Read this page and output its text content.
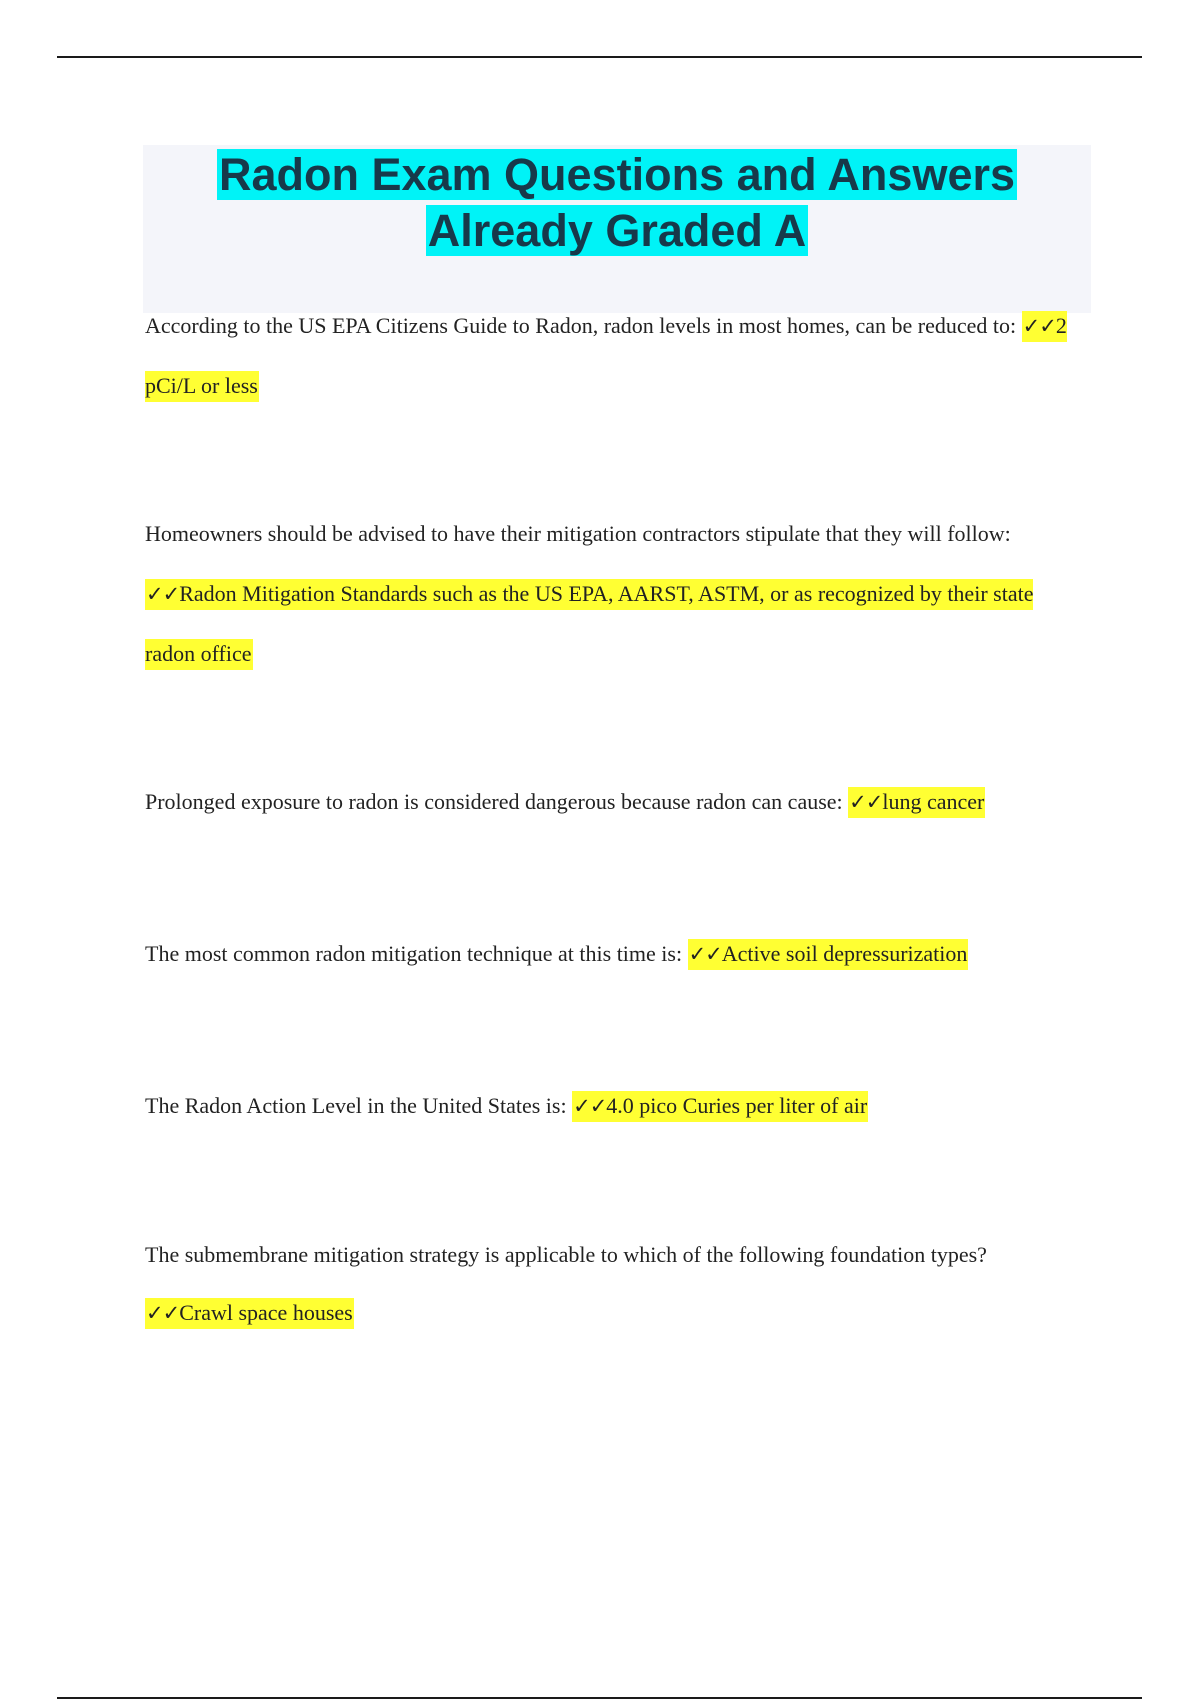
Radon Exam Questions and Answers
Already Graded A
According to the US EPA Citizens Guide to Radon, radon levels in most homes, can be reduced to: ✓✓2 pCi/L or less
Homeowners should be advised to have their mitigation contractors stipulate that they will follow: ✓✓Radon Mitigation Standards such as the US EPA, AARST, ASTM, or as recognized by their state radon office
Prolonged exposure to radon is considered dangerous because radon can cause: ✓✓lung cancer
The most common radon mitigation technique at this time is: ✓✓Active soil depressurization
The Radon Action Level in the United States is: ✓✓4.0 pico Curies per liter of air
The submembrane mitigation strategy is applicable to which of the following foundation types? ✓✓Crawl space houses
